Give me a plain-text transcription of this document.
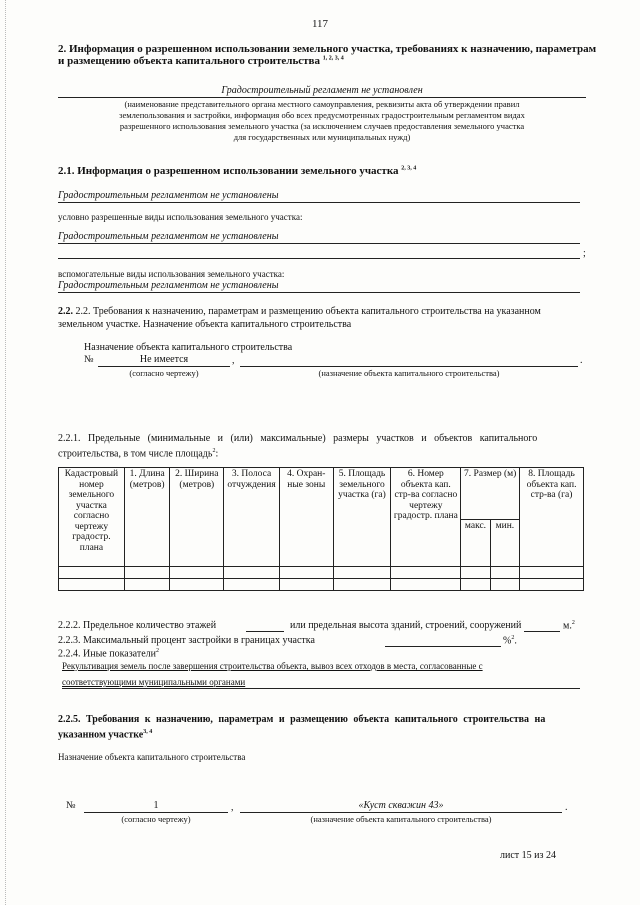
117
2. Информация о разрешенном использовании земельного участка, требованиях к назначению, параметрам
и размещению объекта капитального строительства $^{1, 2, 3, 4}$
Градостроительный регламент не установлен
(наименование представительного органа местного самоуправления, реквизиты акта об утверждении правил
землепользования и застройки, информация обо всех предусмотренных градостроительным регламентом видах
разрешенного использования земельного участка (за исключением случаев предоставления земельного участка
для государственных или муниципальных нужд)
2.1. Информация о разрешенном использовании земельного участка $^{2, 3, 4}$
Градостроительным регламентом не установлены
условно разрешенные виды использования земельного участка:
Градостроительным регламентом не установлены
;
вспомогательные виды использования земельного участка:
Градостроительным регламентом не установлены
2.2. 2.2. Требования к назначению, параметрам и размещению объекта капитального строительства на указанном
земельном участке. Назначение объекта капитального строительства
Назначение объекта капитального строительства
№	Не имеется	,	.
(согласно чертежу)	(назначение объекта капитального строительства)
2.2.1. Предельные (минимальные и (или) максимальные) размеры участков и объектов капитального
строительства, в том числе площадь$^2$:
Кадастровый номер земельного участка согласно чертежу градостр. плана	1. Длина (метров)	2. Ширина (метров)	3. Полоса отчуждения	4. Охран-ные зоны	5. Площадь земельного участка (га)	6. Номер объекта кап. стр-ва согласно чертежу градостр. плана	7. Размер (м)		8. Площадь объекта кап. стр-ва (га)
							макс.	мин.	

2.2.2. Предельное количество этажей	или предельная высота зданий, строений, сооружений	м.$^2$
2.2.3. Максимальный процент застройки в границах участка	%$^2$.
2.2.4. Иные показатели$^2$
Рекультивация земель после завершения строительства объекта, вывоз всех отходов в места, согласованные с
соответствующими муниципальными органами
2.2.5. Требования к назначению, параметрам и размещению объекта капитального строительства на
указанном участке$^{3, 4}$
Назначение объекта капитального строительства
№	1	,	«Куст скважин 43»	.
(согласно чертежу)	(назначение объекта капитального строительства)
лист 15 из 24
